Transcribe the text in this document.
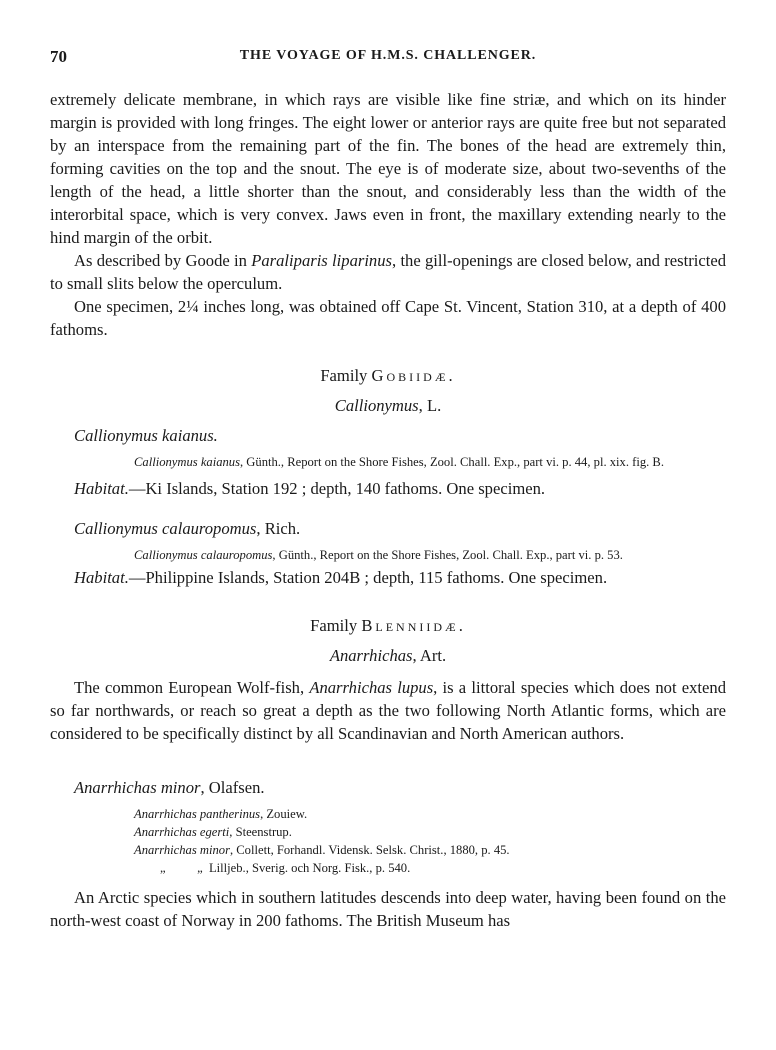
70	THE VOYAGE OF H.M.S. CHALLENGER.

extremely delicate membrane, in which rays are visible like fine striæ, and which on its hinder margin is provided with long fringes. The eight lower or anterior rays are quite free but not separated by an interspace from the remaining part of the fin. The bones of the head are extremely thin, forming cavities on the top and the snout. The eye is of moderate size, about two-sevenths of the length of the head, a little shorter than the snout, and considerably less than the width of the interorbital space, which is very convex. Jaws even in front, the maxillary extending nearly to the hind margin of the orbit.

As described by Goode in Paraliparis liparinus, the gill-openings are closed below, and restricted to small slits below the operculum.

One specimen, 2¼ inches long, was obtained off Cape St. Vincent, Station 310, at a depth of 400 fathoms.

Family Gobiidæ.
Callionymus, L.
Callionymus kaianus.
Callionymus kaianus, Günth., Report on the Shore Fishes, Zool. Chall. Exp., part vi. p. 44, pl. xix. fig. B.
Habitat.—Ki Islands, Station 192 ; depth, 140 fathoms. One specimen.
Callionymus calauropomus, Rich.
Callionymus calauropomus, Günth., Report on the Shore Fishes, Zool. Chall. Exp., part vi. p. 53.
Habitat.—Philippine Islands, Station 204B ; depth, 115 fathoms. One specimen.
Family Blenniidæ.
Anarrhichas, Art.

The common European Wolf-fish, Anarrhichas lupus, is a littoral species which does not extend so far northwards, or reach so great a depth as the two following North Atlantic forms, which are considered to be specifically distinct by all Scandinavian and North American authors.

Anarrhichas minor, Olafsen.
Anarrhichas pantherinus, Zouiew.
Anarrhichas egerti, Steenstrup.
Anarrhichas minor, Collett, Forhandl. Vidensk. Selsk. Christ., 1880, p. 45.
„          „  Lilljeb., Sverig. och Norg. Fisk., p. 540.

An Arctic species which in southern latitudes descends into deep water, having been found on the north-west coast of Norway in 200 fathoms. The British Museum has
